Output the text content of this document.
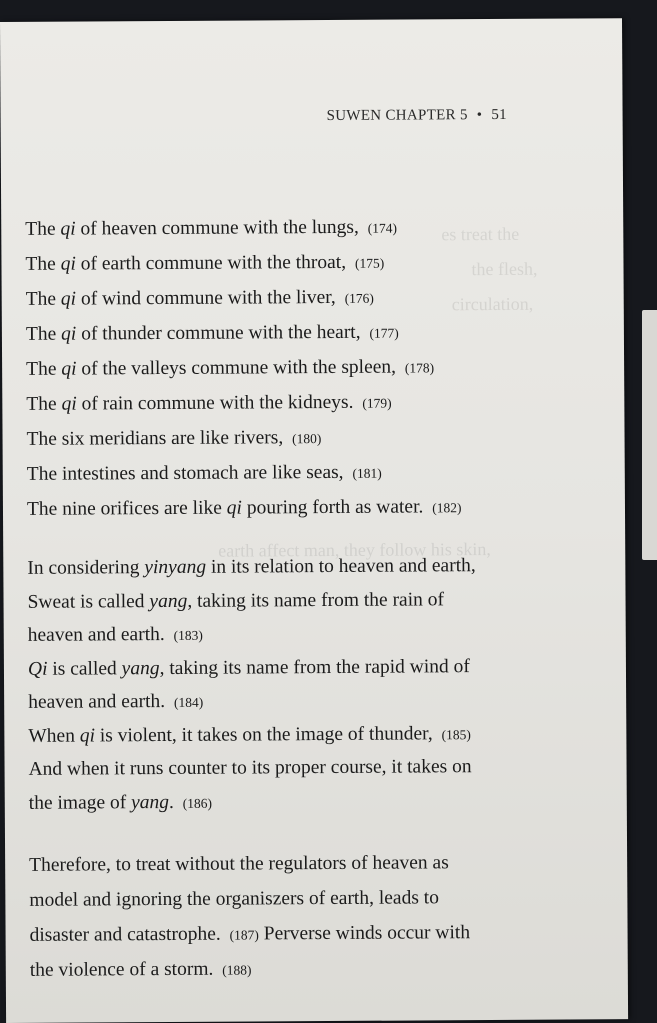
es treat the
the flesh,
circulation,
earth affect man, they follow his skin,
SUWEN CHAPTER 5 • 51
The qi of heaven commune with the lungs, (174)
The qi of earth commune with the throat, (175)
The qi of wind commune with the liver, (176)
The qi of thunder commune with the heart, (177)
The qi of the valleys commune with the spleen, (178)
The qi of rain commune with the kidneys. (179)
The six meridians are like rivers, (180)
The intestines and stomach are like seas, (181)
The nine orifices are like qi pouring forth as water. (182)
In considering yinyang in its relation to heaven and earth,
Sweat is called yang, taking its name from the rain of
heaven and earth. (183)
Qi is called yang, taking its name from the rapid wind of
heaven and earth. (184)
When qi is violent, it takes on the image of thunder, (185)
And when it runs counter to its proper course, it takes on
the image of yang. (186)
Therefore, to treat without the regulators of heaven as
model and ignoring the organiszers of earth, leads to
disaster and catastrophe. (187) Perverse winds occur with
the violence of a storm. (188)
